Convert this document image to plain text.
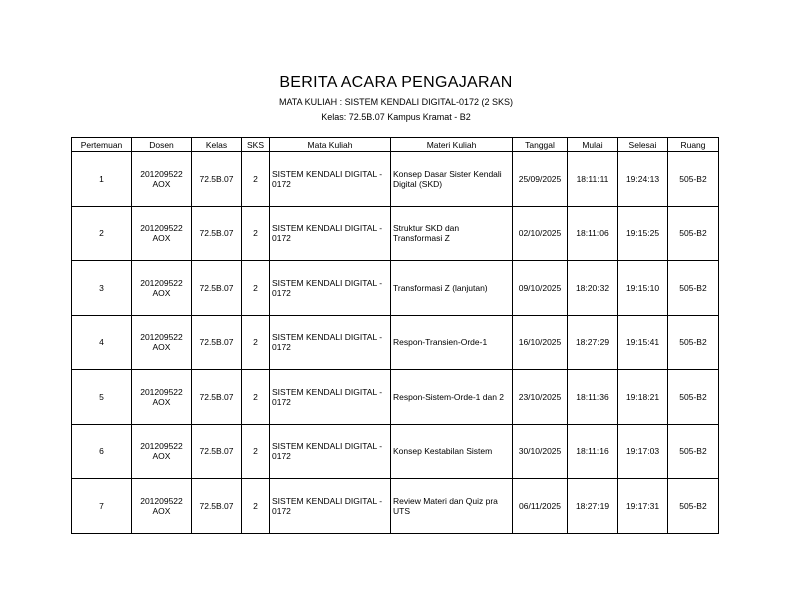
BERITA ACARA PENGAJARAN
MATA KULIAH : SISTEM KENDALI DIGITAL-0172 (2 SKS)
Kelas: 72.5B.07 Kampus Kramat - B2
Pertemuan	Dosen	Kelas	SKS	Mata Kuliah	Materi Kuliah	Tanggal	Mulai	Selesai	Ruang
1	201209522 AOX	72.5B.07	2	SISTEM KENDALI DIGITAL - 0172	Konsep Dasar Sister Kendali Digital (SKD)	25/09/2025	18:11:11	19:24:13	505-B2
2	201209522 AOX	72.5B.07	2	SISTEM KENDALI DIGITAL - 0172	Struktur SKD dan Transformasi Z	02/10/2025	18:11:06	19:15:25	505-B2
3	201209522 AOX	72.5B.07	2	SISTEM KENDALI DIGITAL - 0172	Transformasi Z (lanjutan)	09/10/2025	18:20:32	19:15:10	505-B2
4	201209522 AOX	72.5B.07	2	SISTEM KENDALI DIGITAL - 0172	Respon-Transien-Orde-1	16/10/2025	18:27:29	19:15:41	505-B2
5	201209522 AOX	72.5B.07	2	SISTEM KENDALI DIGITAL - 0172	Respon-Sistem-Orde-1 dan 2	23/10/2025	18:11:36	19:18:21	505-B2
6	201209522 AOX	72.5B.07	2	SISTEM KENDALI DIGITAL - 0172	Konsep Kestabilan Sistem	30/10/2025	18:11:16	19:17:03	505-B2
7	201209522 AOX	72.5B.07	2	SISTEM KENDALI DIGITAL - 0172	Review Materi dan Quiz pra UTS	06/11/2025	18:27:19	19:17:31	505-B2
